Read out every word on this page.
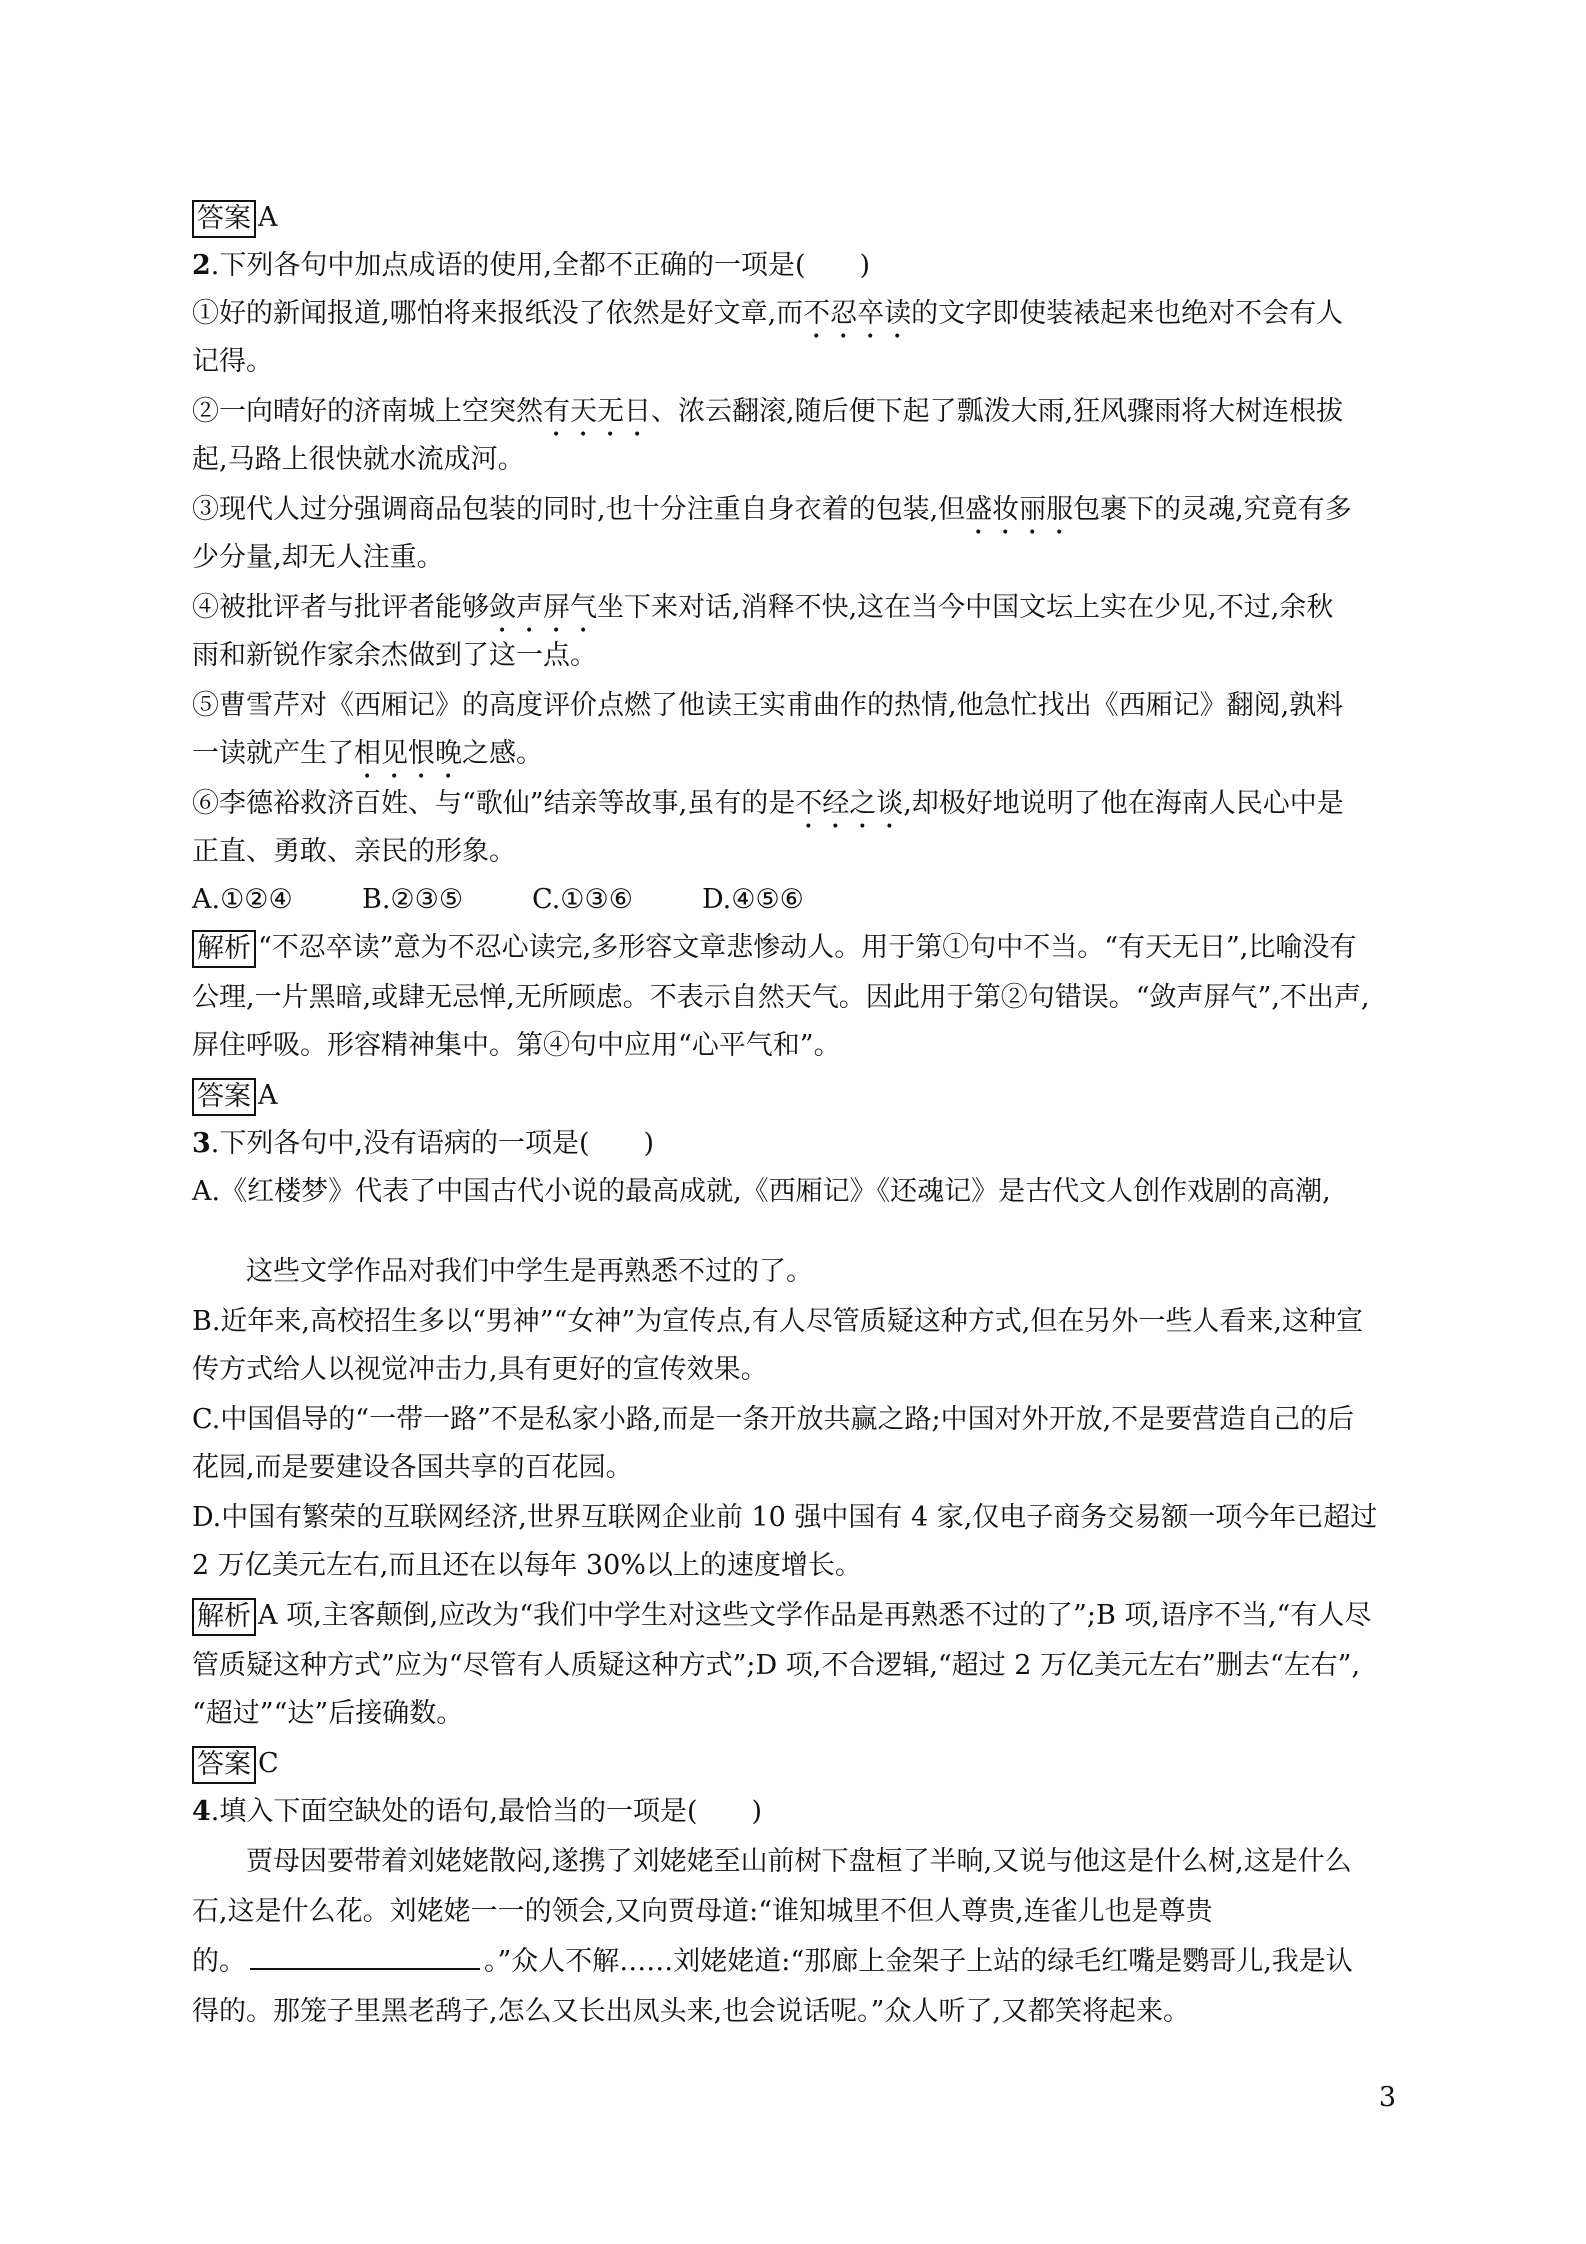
答案 A
2.下列各句中加点成语的使用,全都不正确的一项是(　　)
①好的新闻报道,哪怕将来报纸没了依然是好文章,而不忍卒读的文字即使装裱起来也绝对不会有人
记得。
②一向晴好的济南城上空突然有天无日、浓云翻滚,随后便下起了瓢泼大雨,狂风骤雨将大树连根拔
起,马路上很快就水流成河。
③现代人过分强调商品包装的同时,也十分注重自身衣着的包装,但盛妆丽服包裹下的灵魂,究竟有多
少分量,却无人注重。
④被批评者与批评者能够敛声屏气坐下来对话,消释不快,这在当今中国文坛上实在少见,不过,余秋
雨和新锐作家余杰做到了这一点。
⑤曹雪芹对《西厢记》的高度评价点燃了他读王实甫曲作的热情,他急忙找出《西厢记》翻阅,孰料
一读就产生了相见恨晚之感。
⑥李德裕救济百姓、与“歌仙”结亲等故事,虽有的是不经之谈,却极好地说明了他在海南人民心中是
正直、勇敢、亲民的形象。
A.①②④	B.②③⑤	C.①③⑥	D.④⑤⑥
解析 “不忍卒读”意为不忍心读完,多形容文章悲惨动人。用于第①句中不当。“有天无日”,比喻没有
公理,一片黑暗,或肆无忌惮,无所顾虑。不表示自然天气。因此用于第②句错误。“敛声屏气”,不出声,
屏住呼吸。形容精神集中。第④句中应用“心平气和”。
答案 A
3.下列各句中,没有语病的一项是(　　)
A.《红楼梦》代表了中国古代小说的最高成就,《西厢记》《还魂记》是古代文人创作戏剧的高潮,
这些文学作品对我们中学生是再熟悉不过的了。
B.近年来,高校招生多以“男神”“女神”为宣传点,有人尽管质疑这种方式,但在另外一些人看来,这种宣
传方式给人以视觉冲击力,具有更好的宣传效果。
C.中国倡导的“一带一路”不是私家小路,而是一条开放共赢之路;中国对外开放,不是要营造自己的后
花园,而是要建设各国共享的百花园。
D.中国有繁荣的互联网经济,世界互联网企业前 10 强中国有 4 家,仅电子商务交易额一项今年已超过
2 万亿美元左右,而且还在以每年 30%以上的速度增长。
解析 A 项,主客颠倒,应改为“我们中学生对这些文学作品是再熟悉不过的了”;B 项,语序不当,“有人尽
管质疑这种方式”应为“尽管有人质疑这种方式”;D 项,不合逻辑,“超过 2 万亿美元左右”删去“左右”,
“超过”“达”后接确数。
答案 C
4.填入下面空缺处的语句,最恰当的一项是(　　)
贾母因要带着刘姥姥散闷,遂携了刘姥姥至山前树下盘桓了半晌,又说与他这是什么树,这是什么
石,这是什么花。刘姥姥一一的领会,又向贾母道:“谁知城里不但人尊贵,连雀儿也是尊贵
的。	。”众人不解……刘姥姥道:“那廊上金架子上站的绿毛红嘴是鹦哥儿,我是认
得的。那笼子里黑老鸹子,怎么又长出凤头来,也会说话呢。”众人听了,又都笑将起来。
3
